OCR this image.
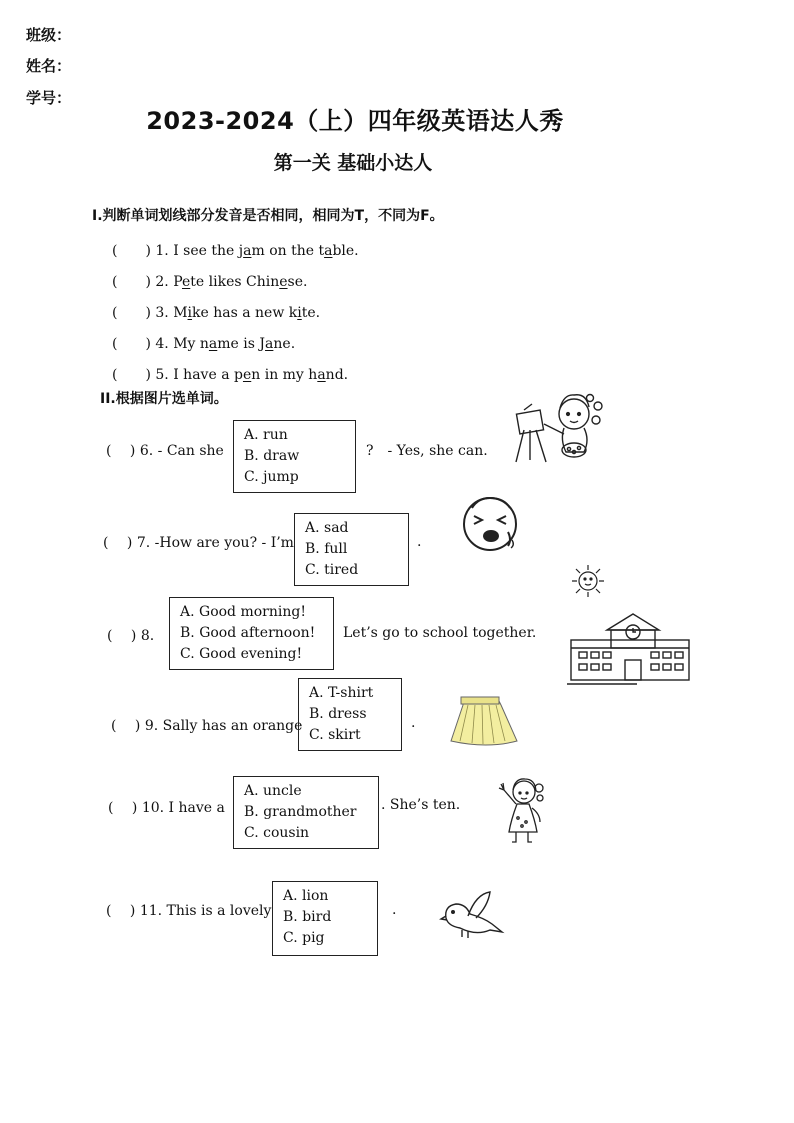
班级：
姓名：
学号：
2023-2024（上）四年级英语达人秀
第一关 基础小达人
I.判断单词划线部分发音是否相同，相同为T，不同为F。
(　　) 1. I see the jam on the table.
(　　) 2. Pete likes Chinese.
(　　) 3. Mike has a new kite.
(　　) 4. My name is Jane.
(　　) 5. I have a pen in my hand.
II.根据图片选单词。
(　 ) 6. - Can she
A. run
B. draw
C. jump
?　- Yes, she can.
(　 ) 7. -How are you? - I’m
A. sad
B. full
C. tired
.
(　 ) 8.
A. Good morning!
B. Good afternoon!
C. Good evening!
Let’s go to school together.
(　 ) 9. Sally has an orange
A. T-shirt
B. dress
C. skirt
.
(　 ) 10. I have a
A. uncle
B. grandmother
C. cousin
. She’s ten.
(　 ) 11. This is a lovely
A. lion
B. bird
C. pig
.
